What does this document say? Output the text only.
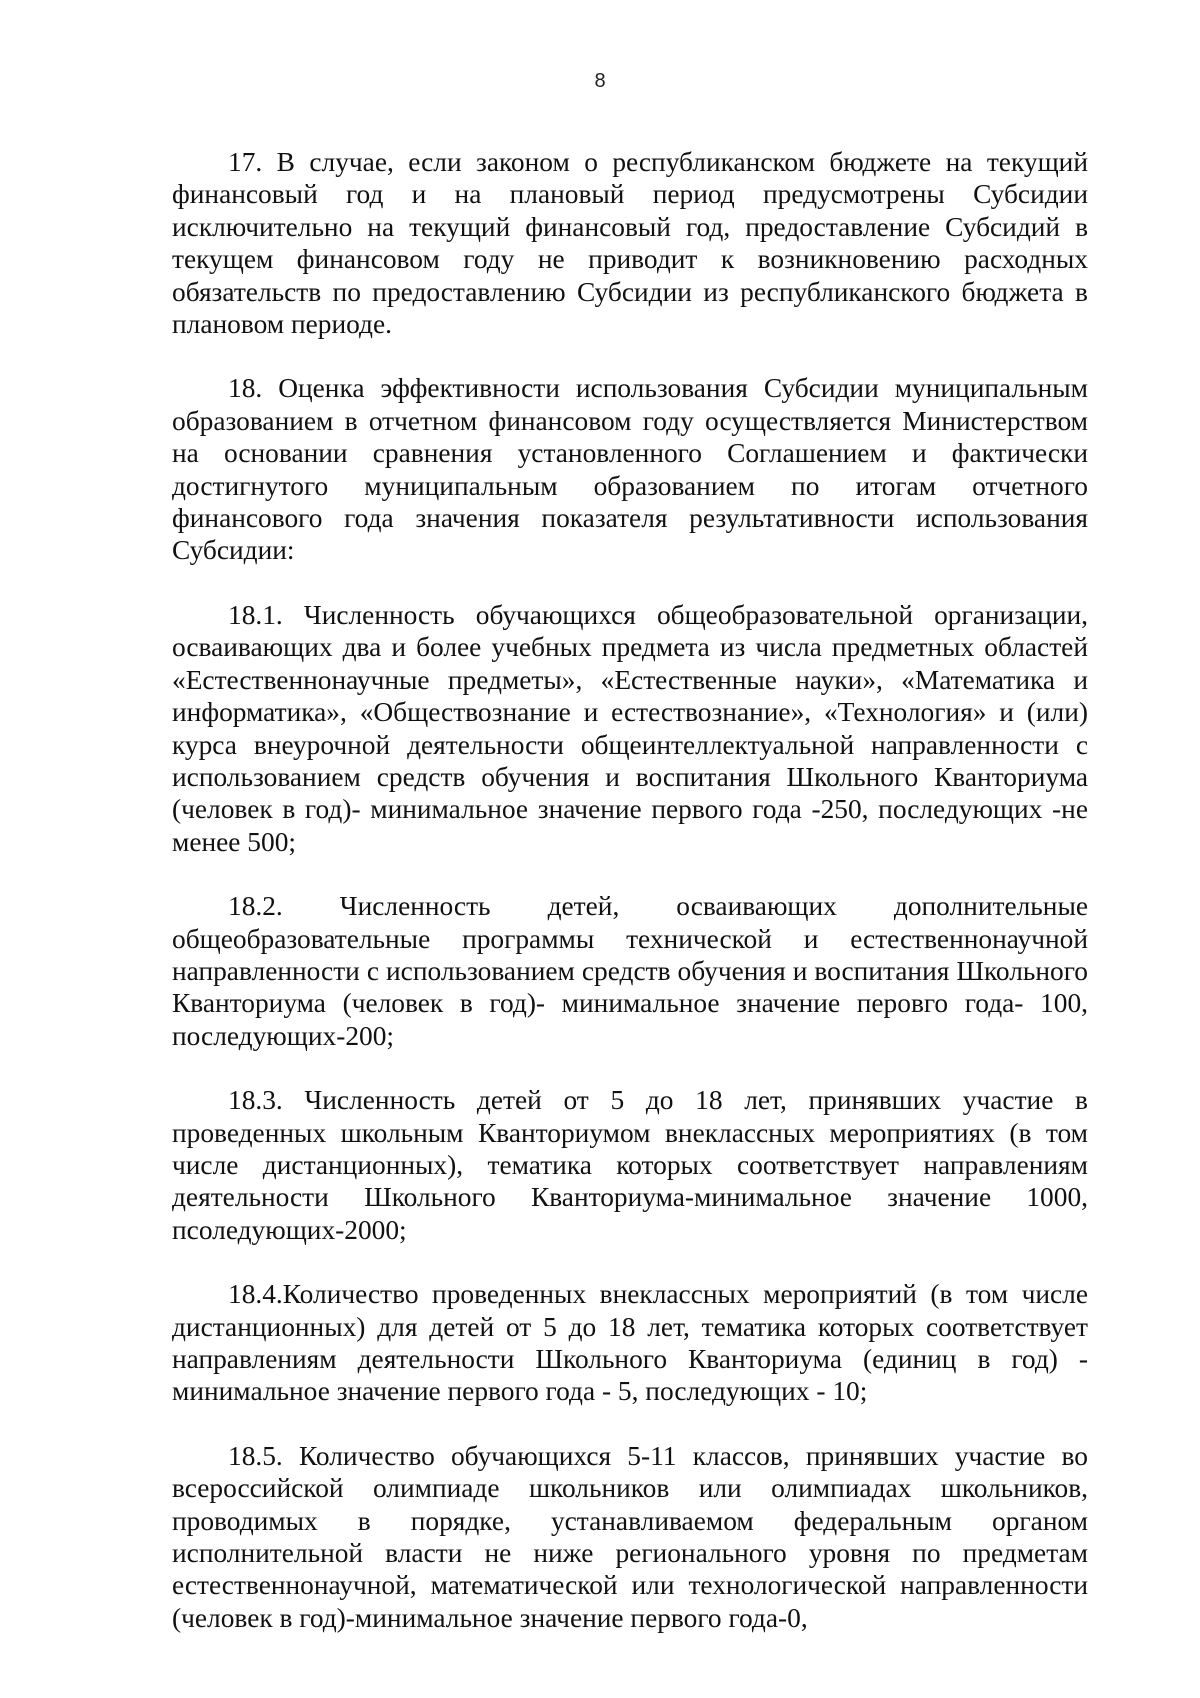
8

17. В случае, если законом о республиканском бюджете на текущий финансовый год и на плановый период предусмотрены Субсидии исключительно на текущий финансовый год, предоставление Субсидий в текущем финансовом году не приводит к возникновению расходных обязательств по предоставлению Субсидии из республиканского бюджета в плановом периоде.

18. Оценка эффективности использования Субсидии муниципальным образованием в отчетном финансовом году осуществляется Министерством на основании сравнения установленного Соглашением и фактически достигнутого муниципальным образованием по итогам отчетного финансового года значения показателя результативности использования Субсидии:

18.1. Численность обучающихся общеобразовательной организации, осваивающих два и более учебных предмета из числа предметных областей «Естественнонаучные предметы», «Естественные науки», «Математика и информатика», «Обществознание и естествознание», «Технология» и (или) курса внеурочной деятельности общеинтеллектуальной направленности с использованием средств обучения и воспитания Школьного Кванториума (человек в год)- минимальное значение первого года -250, последующих -не менее 500;

18.2. Численность детей, осваивающих дополнительные общеобразовательные программы технической и естественнонаучной направленности с использованием средств обучения и воспитания Школьного Кванториума (человек в год)- минимальное значение перовго года- 100, последующих-200;

18.3. Численность детей от 5 до 18 лет, принявших участие в проведенных школьным Кванториумом внеклассных мероприятиях (в том числе дистанционных), тематика которых соответствует направлениям деятельности Школьного Кванториума-минимальное значение 1000, псоледующих-2000;

18.4.Количество проведенных внеклассных мероприятий (в том числе дистанционных) для детей от 5 до 18 лет, тематика которых соответствует направлениям деятельности Школьного Кванториума (единиц в год) - минимальное значение первого года - 5, последующих - 10;

18.5. Количество обучающихся 5-11 классов, принявших участие во всероссийской олимпиаде школьников или олимпиадах школьников, проводимых в порядке, устанавливаемом федеральным органом исполнительной власти не ниже регионального уровня по предметам естественнонаучной, математической или технологической направленности (человек в год)-минимальное значение первого года-0,
